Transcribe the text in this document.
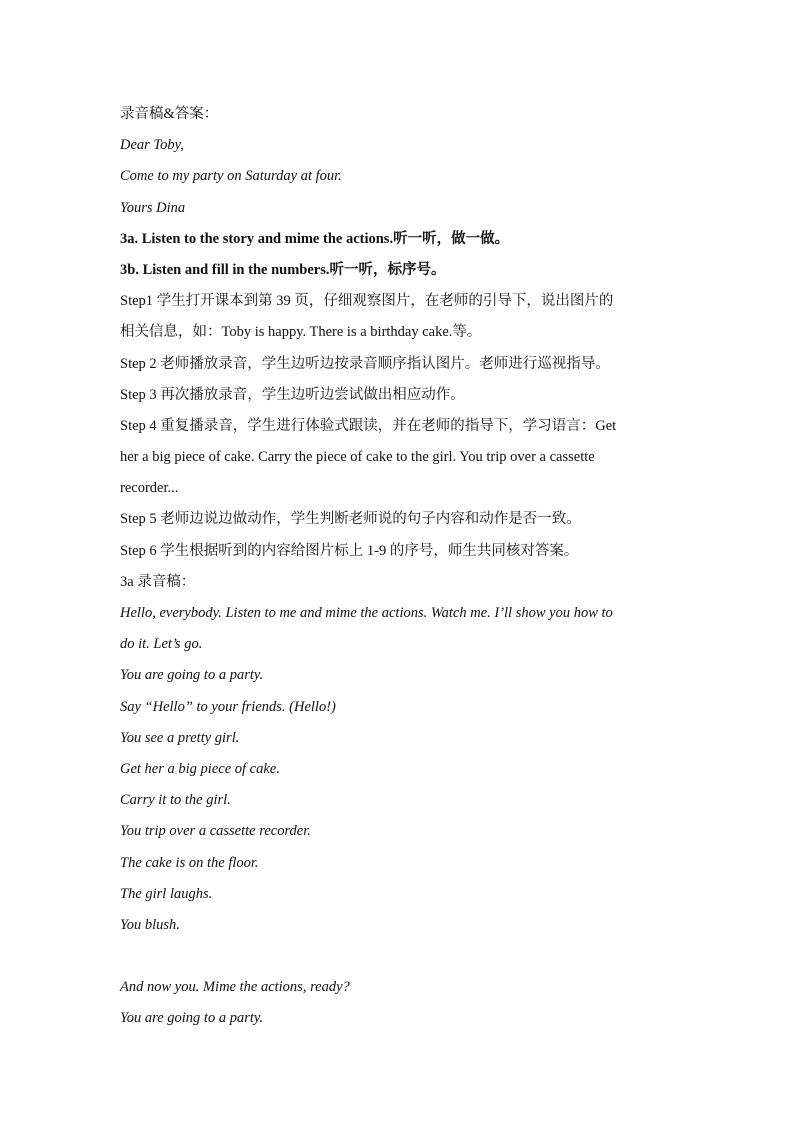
录音稿&答案：
Dear Toby,
Come to my party on Saturday at four.
Yours Dina
3a. Listen to the story and mime the actions.听一听，做一做。
3b. Listen and fill in the numbers.听一听，标序号。
Step1 学生打开课本到第 39 页，仔细观察图片，在老师的引导下，说出图片的
相关信息，如：Toby is happy. There is a birthday cake.等。
Step 2 老师播放录音，学生边听边按录音顺序指认图片。老师进行巡视指导。
Step 3 再次播放录音，学生边听边尝试做出相应动作。
Step 4 重复播录音，学生进行体验式跟读，并在老师的指导下，学习语言：Get
her a big piece of cake. Carry the piece of cake to the girl. You trip over a cassette
recorder...
Step 5 老师边说边做动作，学生判断老师说的句子内容和动作是否一致。
Step 6 学生根据听到的内容给图片标上 1-9 的序号，师生共同核对答案。
3a 录音稿：
Hello, everybody. Listen to me and mime the actions. Watch me. I’ll show you how to
do it. Let’s go.
You are going to a party.
Say “Hello” to your friends. (Hello!)
You see a pretty girl.
Get her a big piece of cake.
Carry it to the girl.
You trip over a cassette recorder.
The cake is on the floor.
The girl laughs.
You blush.
And now you. Mime the actions, ready?
You are going to a party.
